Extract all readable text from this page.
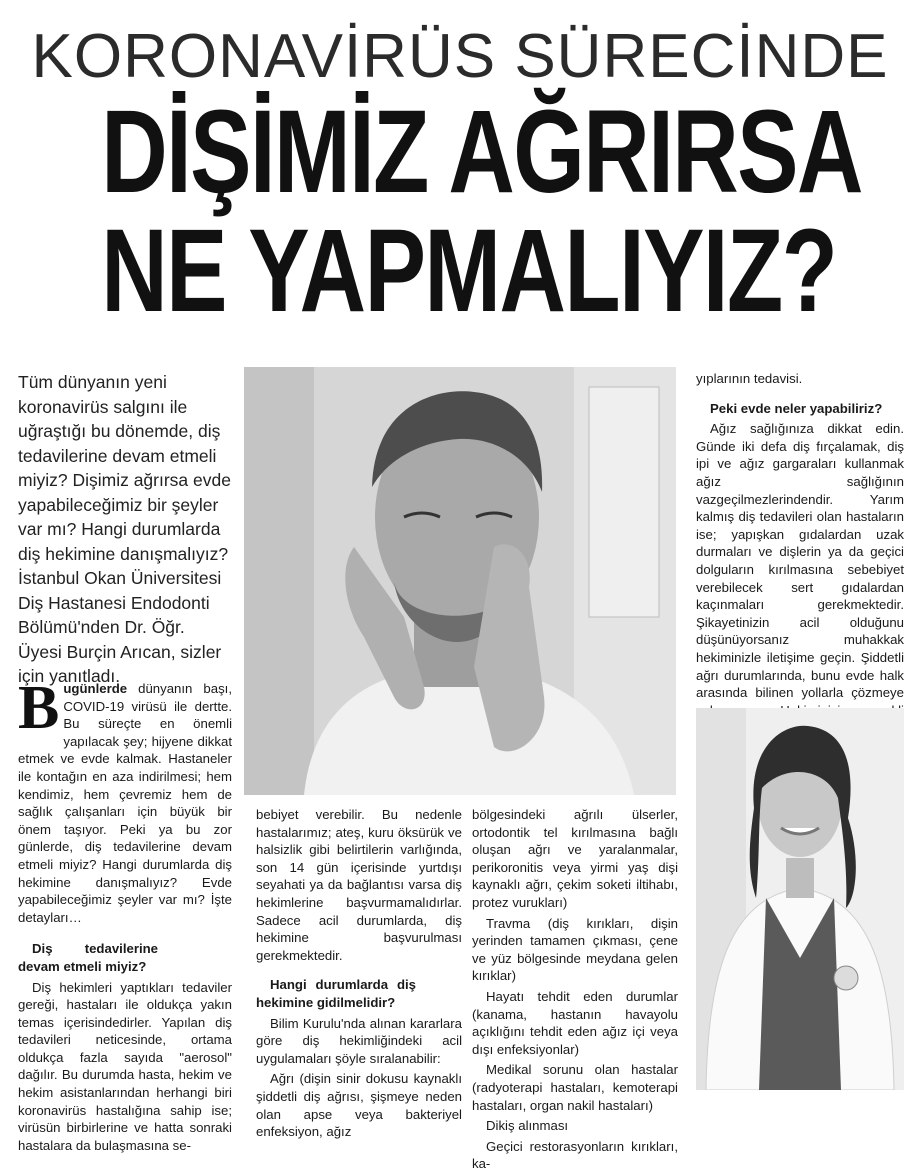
KORONAVİRÜS SÜRECİNDE
DİŞİMİZ AĞRIRSA
NE YAPMALIYIZ?

Tüm dünyanın yeni koronavirüs salgını ile uğraştığı bu dönemde, diş tedavilerine devam etmeli miyiz? Dişimiz ağrırsa evde yapabileceğimiz bir şeyler var mı? Hangi durumlarda diş hekimine danışmalıyız? İstanbul Okan Üniversitesi Diş Hastanesi Endodonti Bölümü'nden Dr. Öğr. Üyesi Burçin Arıcan, sizler için yanıtladı.

Bugünlerde dünyanın başı, COVID-19 virüsü ile dertte. Bu süreçte en önemli yapılacak şey; hijyene dikkat etmek ve evde kalmak. Hastaneler ile kontağın en aza indirilmesi; hem kendimiz, hem çevremiz hem de sağlık çalışanları için büyük bir önem taşıyor. Peki ya bu zor günlerde, diş tedavilerine devam etmeli miyiz? Hangi durumlarda diş hekimine danışmalıyız? Evde yapabileceğimiz şeyler var mı? İşte detayları…

Diş tedavilerine devam etmeli miyiz?

Diş hekimleri yaptıkları tedaviler gereği, hastaları ile oldukça yakın temas içerisindedirler. Yapılan diş tedavileri neticesinde, ortama oldukça fazla sayıda "aerosol" dağılır. Bu durumda hasta, hekim ve hekim asistanlarından herhangi biri koronavirüs hastalığına sahip ise; virüsün birbirlerine ve hatta sonraki hastalara da bulaşmasına se-

bebiyet verebilir. Bu nedenle hastalarımız; ateş, kuru öksürük ve halsizlik gibi belirtilerin varlığında, son 14 gün içerisinde yurtdışı seyahati ya da bağlantısı varsa diş hekimlerine başvurmamalıdırlar. Sadece acil durumlarda, diş hekimine başvurulması gerekmektedir.

Hangi durumlarda diş hekimine gidilmelidir?

Bilim Kurulu'nda alınan kararlara göre diş hekimliğindeki acil uygulamaları şöyle sıralanabilir:

Ağrı (dişin sinir dokusu kaynaklı şiddetli diş ağrısı, şişmeye neden olan apse veya bakteriyel enfeksiyon, ağız

bölgesindeki ağrılı ülserler, ortodontik tel kırılmasına bağlı oluşan ağrı ve yaralanmalar, perikoronitis veya yirmi yaş dişi kaynaklı ağrı, çekim soketi iltihabı, protez vurukları)

Travma (diş kırıkları, dişin yerinden tamamen çıkması, çene ve yüz bölgesinde meydana gelen kırıklar)

Hayatı tehdit eden durumlar (kanama, hastanın havayolu açıklığını tehdit eden ağız içi veya dışı enfeksiyonlar)

Medikal sorunu olan hastalar (radyoterapi hastaları, kemoterapi hastaları, organ nakil hastaları)

Dikiş alınması

Geçici restorasyonların kırıkları, ka-

yıplarının tedavisi.

Peki evde neler yapabiliriz?

Ağız sağlığınıza dikkat edin. Günde iki defa diş fırçalamak, diş ipi ve ağız gargaraları kullanmak ağız sağlığının vazgeçilmezlerindendir. Yarım kalmış diş tedavileri olan hastaların ise; yapışkan gıdalardan uzak durmaları ve dişlerin ya da geçici dolguların kırılmasına sebebiyet verebilecek sert gıdalardan kaçınmaları gerekmektedir. Şikayetinizin acil olduğunu düşünüyorsanız muhakkak hekiminizle iletişime geçin. Şiddetli ağrı durumlarında, bunu evde halk arasında bilinen yollarla çözmeye
